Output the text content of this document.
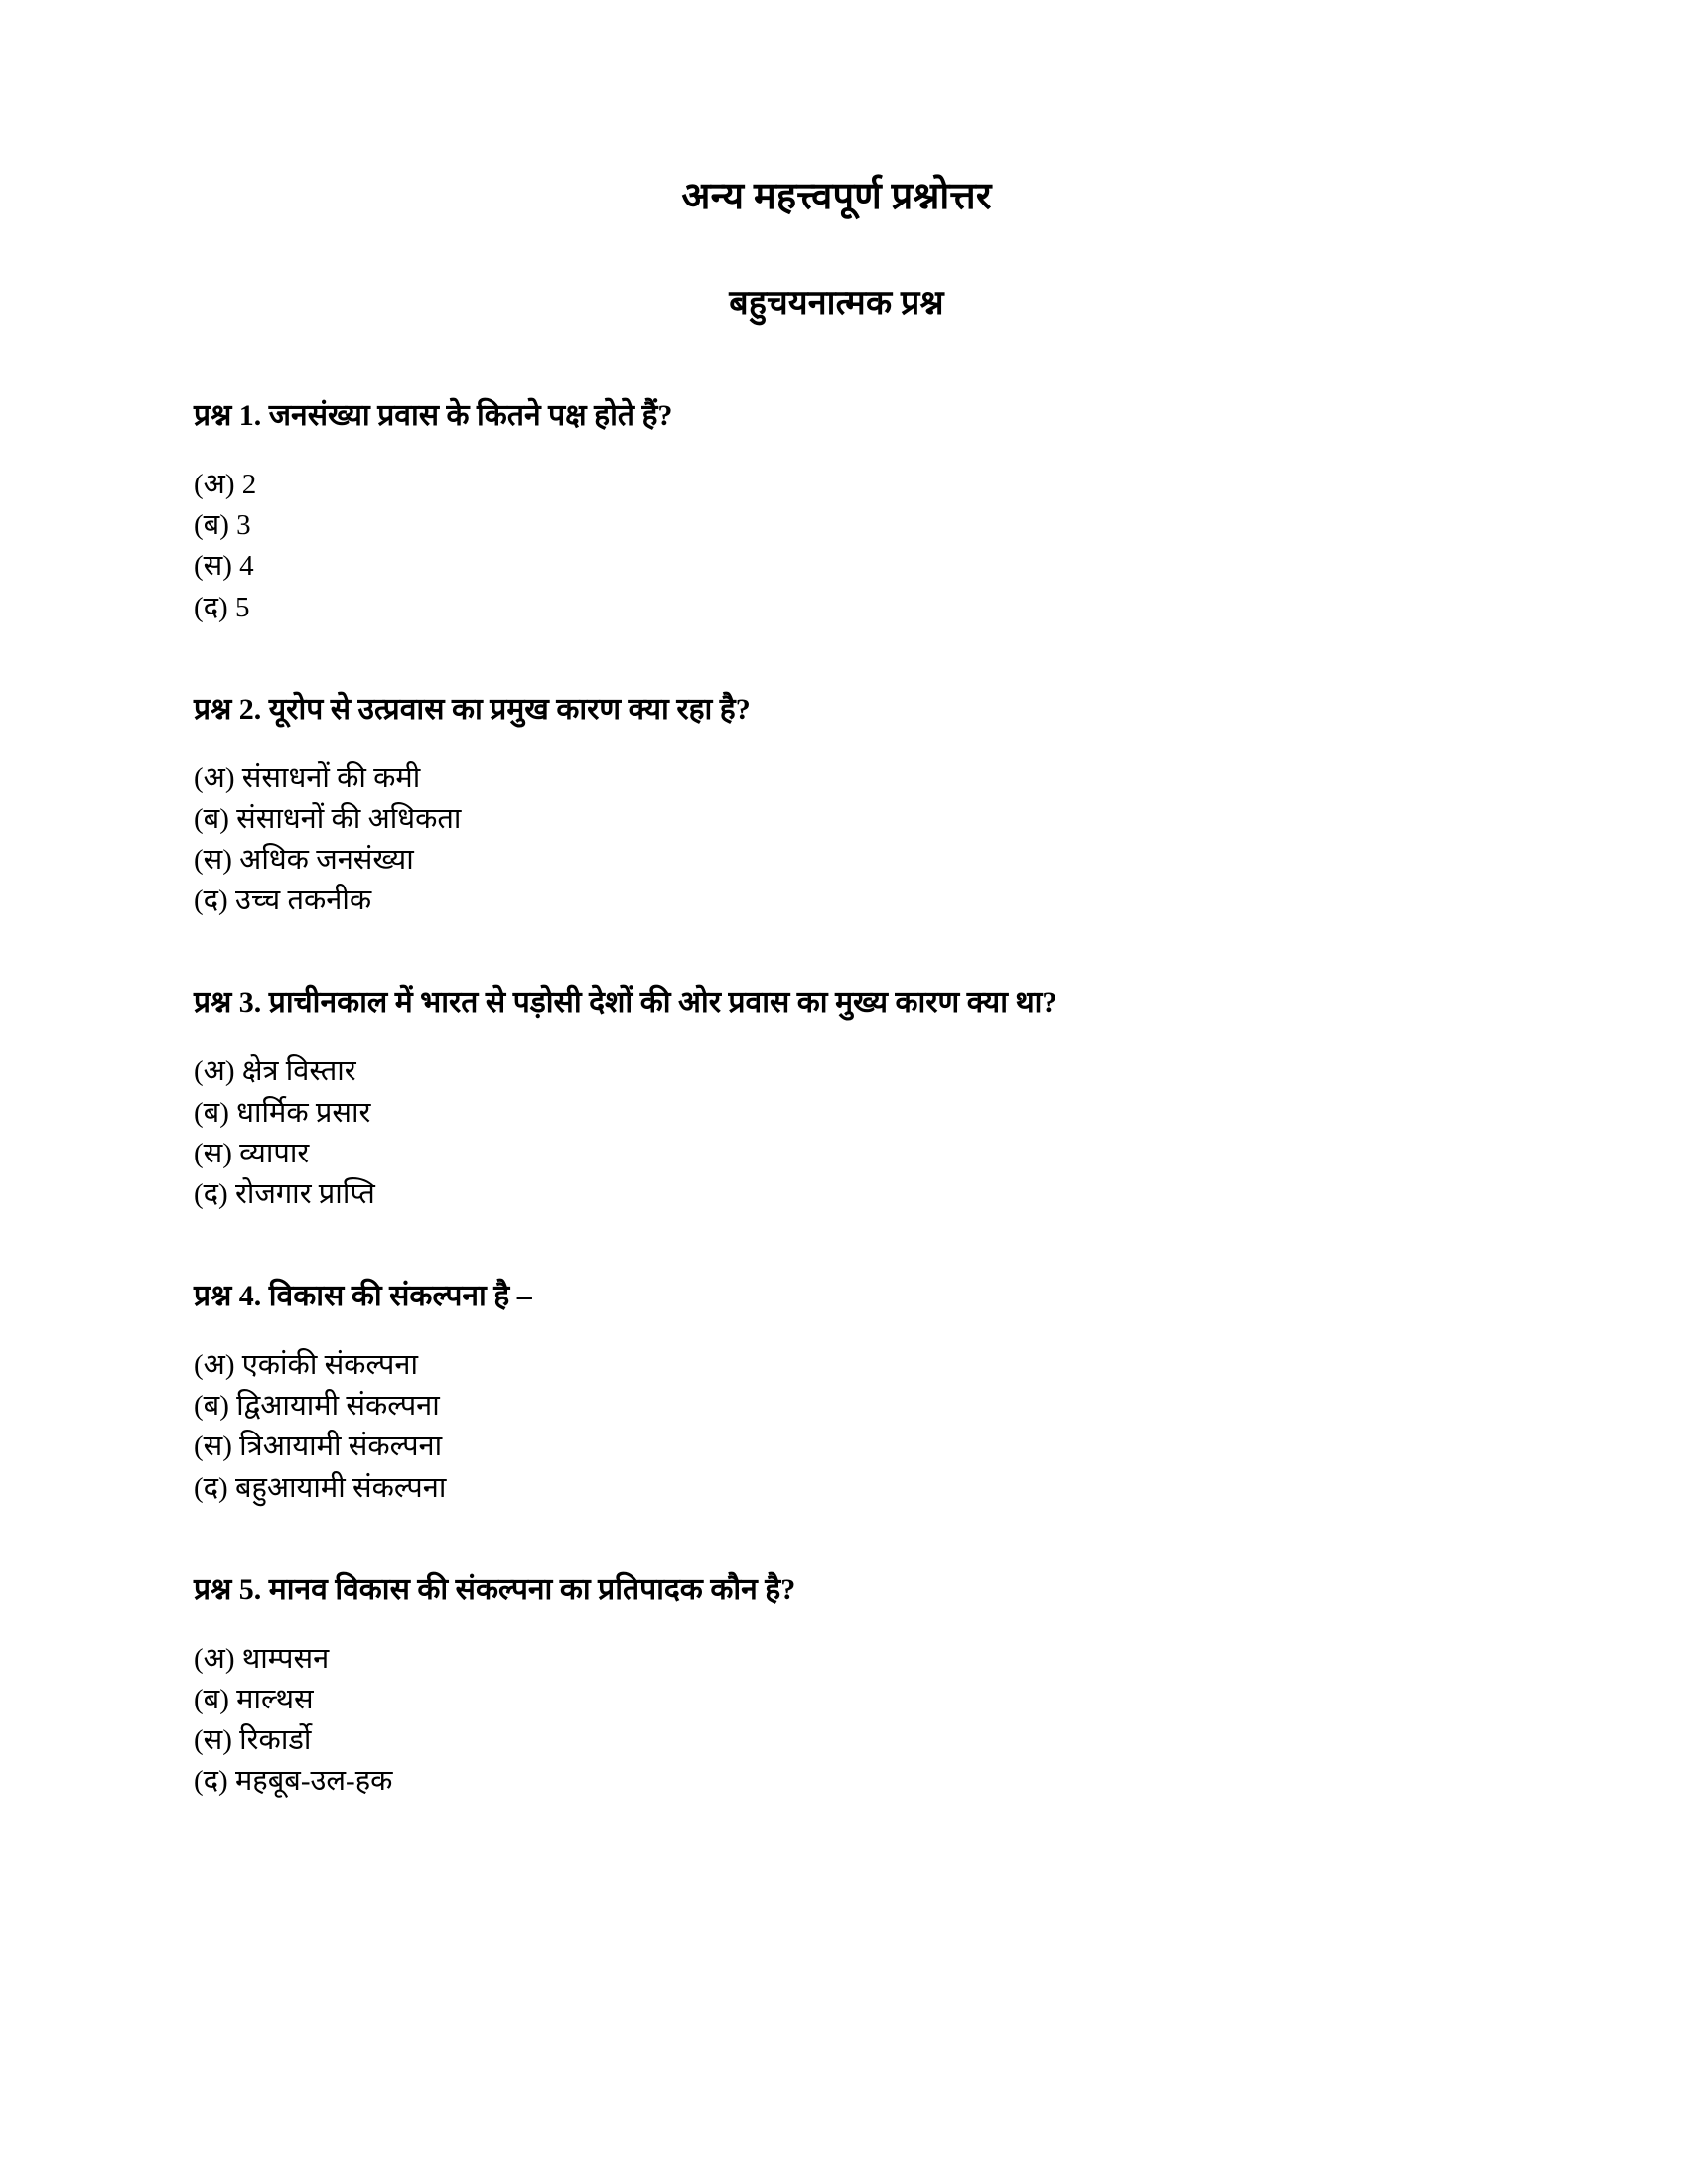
अन्य महत्त्वपूर्ण प्रश्नोत्तर
बहुचयनात्मक प्रश्न

प्रश्न 1. जनसंख्या प्रवास के कितने पक्ष होते हैं?

(अ) 2
(ब) 3
(स) 4
(द) 5

प्रश्न 2. यूरोप से उत्प्रवास का प्रमुख कारण क्या रहा है?

(अ) संसाधनों की कमी
(ब) संसाधनों की अधिकता
(स) अधिक जनसंख्या
(द) उच्च तकनीक

प्रश्न 3. प्राचीनकाल में भारत से पड़ोसी देशों की ओर प्रवास का मुख्य कारण क्या था?

(अ) क्षेत्र विस्तार
(ब) धार्मिक प्रसार
(स) व्यापार
(द) रोजगार प्राप्ति

प्रश्न 4. विकास की संकल्पना है –

(अ) एकांकी संकल्पना
(ब) द्विआयामी संकल्पना
(स) त्रिआयामी संकल्पना
(द) बहुआयामी संकल्पना

प्रश्न 5. मानव विकास की संकल्पना का प्रतिपादक कौन है?

(अ) थाम्पसन
(ब) माल्थस
(स) रिकार्डो
(द) महबूब-उल-हक
